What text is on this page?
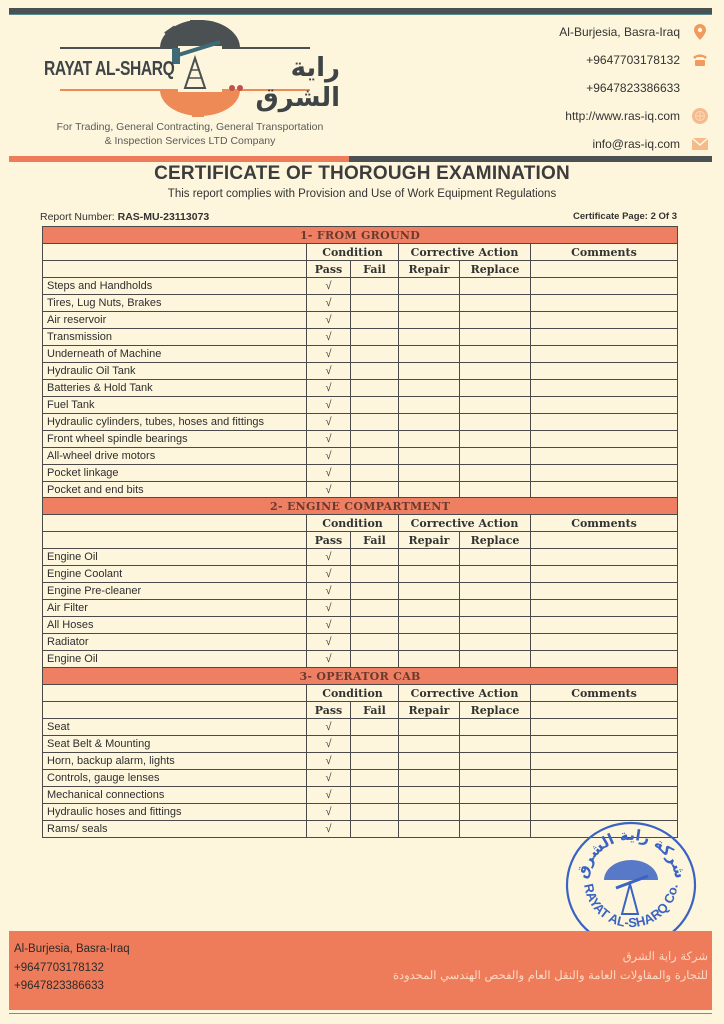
RAYAT AL-SHARQ	راية الشرق
For Trading, General Contracting, General Transportation
& Inspection Services LTD Company
Al-Burjesia, Basra-Iraq
+9647703178132
+9647823386633
http://www.ras-iq.com
info@ras-iq.com
CERTIFICATE OF THOROUGH EXAMINATION
This report complies with Provision and Use of Work Equipment Regulations
Report Number: RAS-MU-23113073	Certificate Page: 2 Of 3
1- FROM GROUND					
	Condition		Corrective Action		Comments
	Pass	Fail	Repair	Replace	
Steps and Handholds	√				
Tires, Lug Nuts, Brakes	√				
Air reservoir	√				
Transmission	√				
Underneath of Machine	√				
Hydraulic Oil Tank	√				
Batteries & Hold Tank	√				
Fuel Tank	√				
Hydraulic cylinders, tubes, hoses and fittings	√				
Front wheel spindle bearings	√				
All-wheel drive motors	√				
Pocket linkage	√				
Pocket and end bits	√				
2- ENGINE COMPARTMENT					
	Condition		Corrective Action		Comments
	Pass	Fail	Repair	Replace	
Engine Oil	√				
Engine Coolant	√				
Engine Pre-cleaner	√				
Air Filter	√				
All Hoses	√				
Radiator	√				
Engine Oil	√				
3- OPERATOR CAB					
	Condition		Corrective Action		Comments
	Pass	Fail	Repair	Replace	
Seat	√				
Seat Belt & Mounting	√				
Horn, backup alarm, lights	√				
Controls, gauge lenses	√				
Mechanical connections	√				
Hydraulic hoses and fittings	√				
Rams/ seals	√				
شركة راية الشرق
RAYAT AL-SHARQ Co.
Al-Burjesia, Basra-Iraq
+9647703178132
+9647823386633
شركة راية الشرق
للتجارة والمقاولات العامة والنقل العام والفحص الهندسي المحدودة
